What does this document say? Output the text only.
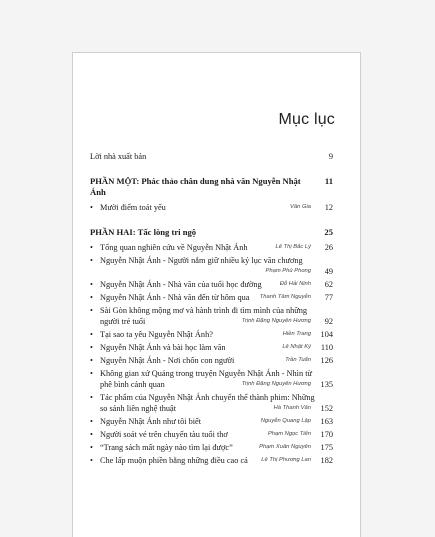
Mục lục
Lời nhà xuất bản	9
PHẦN MỘT: Phác thảo chân dung nhà văn Nguyễn Nhật Ánh
11
• Mười điểm toát yếu	Vân Gia 12
PHẦN HAI: Tấc lòng tri ngộ	25
• Tổng quan nghiên cứu về Nguyễn Nhật Ánh	Lê Thị Bắc Lý 26
• Nguyễn Nhật Ánh - Người nắm giữ nhiều kỷ lục văn chương
Phạm Phú Phong 49
• Nguyễn Nhật Ánh - Nhà văn của tuổi học đường	Đỗ Hải Ninh 62
• Nguyễn Nhật Ánh - Nhà văn đến từ hôm qua	Thanh Tâm Nguyễn 77
• Sài Gòn không mộng mơ và hành trình đi tìm mình của những người trẻ tuổi	Trịnh Đặng Nguyên Hương 92
• Tại sao ta yêu Nguyễn Nhật Ánh?	Hiền Trang 104
• Nguyễn Nhật Ánh và bài học làm văn	Lê Nhật Ký 110
• Nguyễn Nhật Ánh - Nơi chốn con người	Trần Tuấn 126
• Không gian xứ Quảng trong truyện Nguyễn Nhật Ánh - Nhìn từ phê bình cảnh quan	Trịnh Đặng Nguyên Hương 135
• Tác phẩm của Nguyễn Nhật Ánh chuyển thể thành phim: Những so sánh liên nghệ thuật	Hà Thanh Vân 152
• Nguyễn Nhật Ánh như tôi biết	Nguyễn Quang Lập 163
• Người soát vé trên chuyến tàu tuổi thơ	Phạm Ngọc Tiến 170
• “Trang sách mất ngày nào tìm lại được”	Phạm Xuân Nguyên 175
• Che lấp muộn phiền bằng những điều cao cả	Lê Thị Phương Lan 182
